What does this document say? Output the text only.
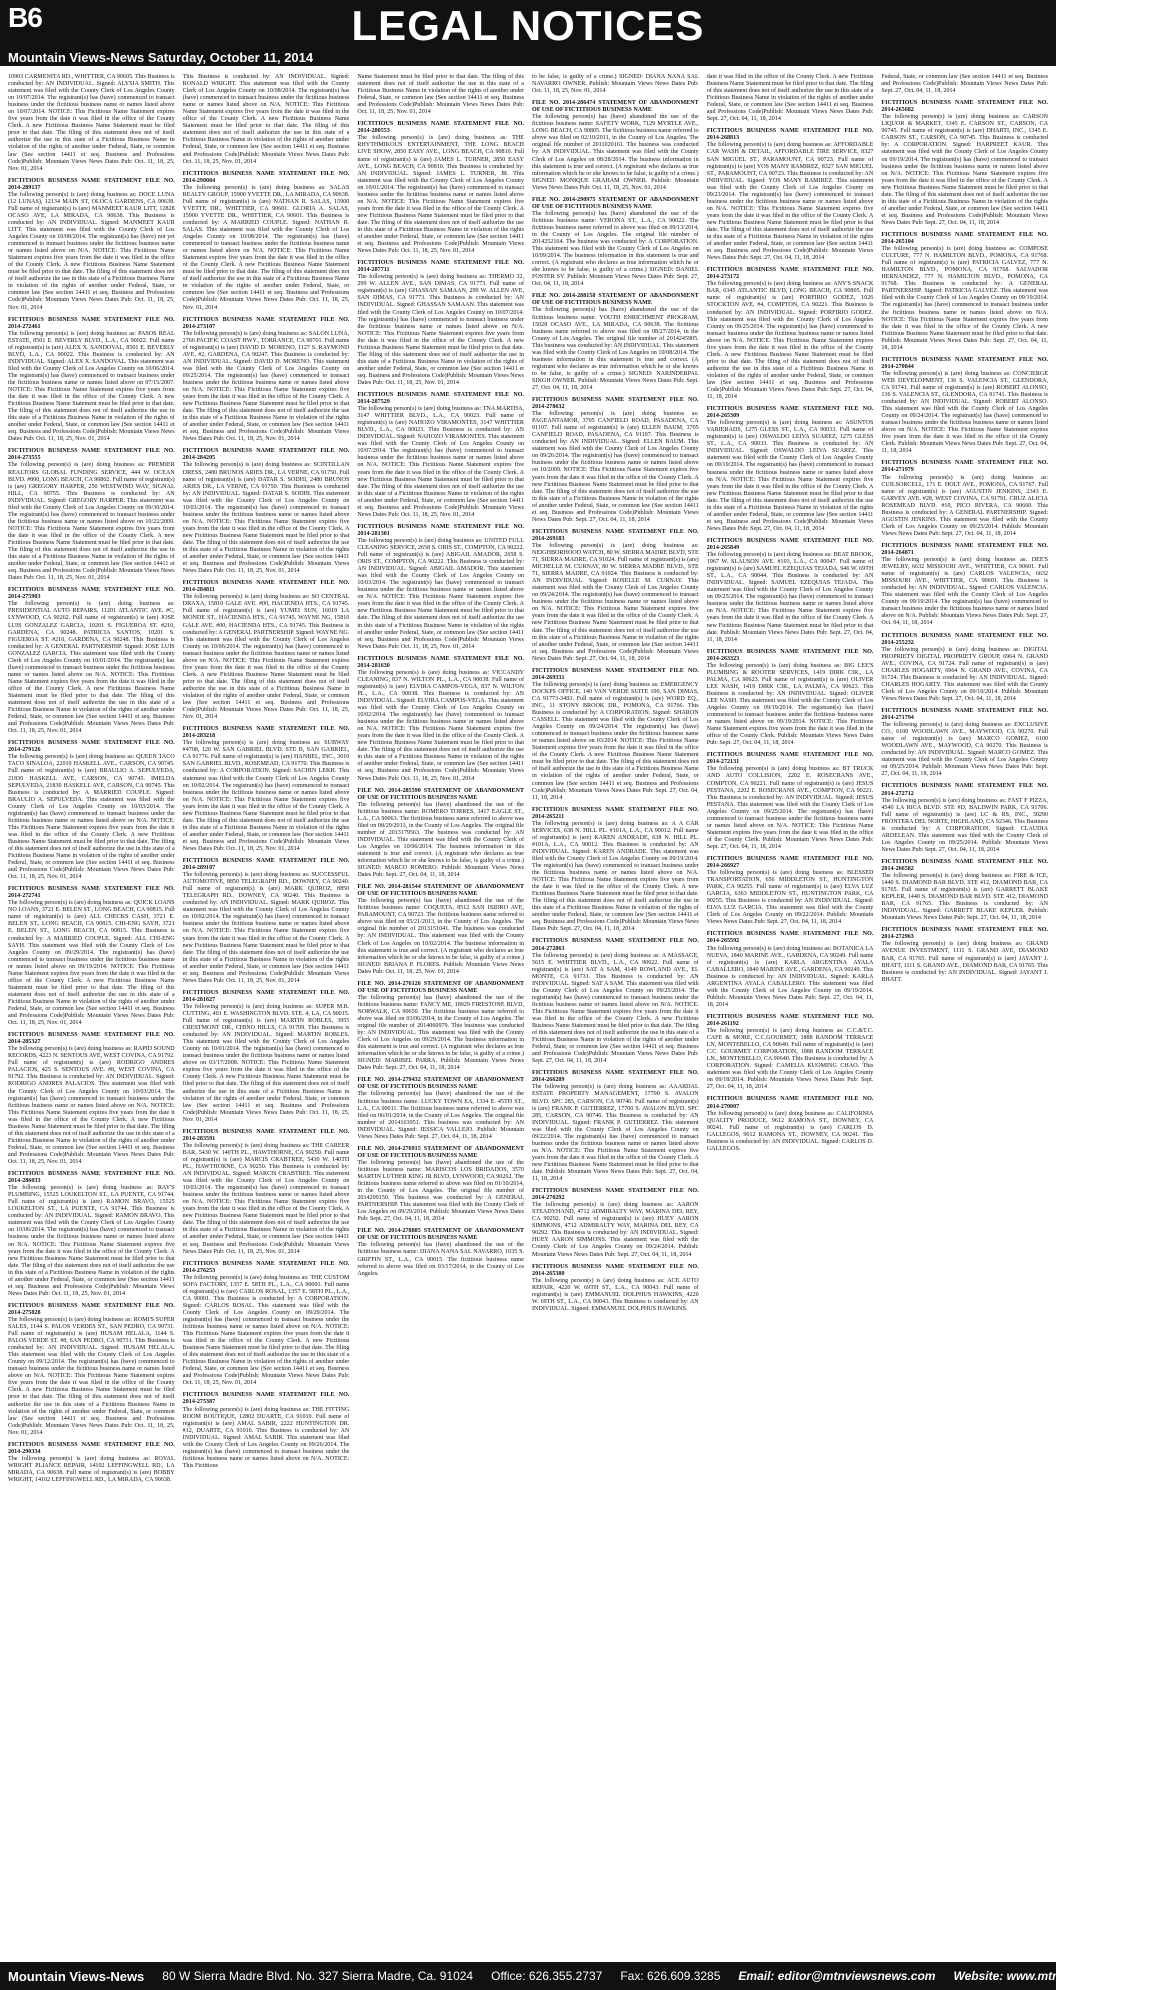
B6	LEGAL NOTICES
Mountain Views-News Saturday, October 11, 2014
10903 CARMENITA RD., WHITTIER, CA 90605. This Business is conducted by: AN INDIVIDUAL. Signed: ALYSIA SMITH. This statement was filed with the County Clerk of Los Angeles County on 10/07/2014. The registrant(s) has (have) commenced to transact business under the fictitious business name or names listed above on 10/07/2014. NOTICE: This Fictitious Name Statement expires five years from the date it was filed in the office of the County Clerk. A new Fictitious Business Name Statement must be filed prior to that date. The filing of this statement does not of itself authorize the use in this state of a Fictitious Business Name in violation of the rights of another under Federal, State, or common law (See section 14411 et seq. Business and Professions Code)Publish: Mountain Views News Dates Pub: Oct. 11, 18, 25, Nov. 01, 2014
FICTITIOUS BUSINESS NAME STATEMENT FILE NO. 2014-289137
The following person(s) is (are) doing business as: DOCE LUNA (12 LUNAS), 12134 MAIN ST, OLOCA GARDENS, CA 90638. Full name of registrant(s) is (are) MANMEET KAUR LITT, 12828 OCASO AVE, LA MIRADA, CA 90638. This Business is conducted by: AN INDIVIDUAL. Signed: MANMEET KAUR LITT. This statement was filed with the County Clerk of Los Angeles County on 10/08/2014. The registrant(s) has (have) not yet commenced to transact business under the fictitious business name or names listed above on N/A. NOTICE: This Fictitious Name Statement expires five years from the date it was filed in the office of the County Clerk. A new Fictitious Business Name Statement must be filed prior to that date. The filing of this statement does not of itself authorize the use in this state of a Fictitious Business Name in violation of the rights of another under Federal, State, or common law (See section 14411 et seq. Business and Professions Code)Publish: Mountain Views News Dates Pub: Oct. 11, 18, 25, Nov. 01, 2014
FICTITIOUS BUSINESS NAME STATEMENT FILE NO. 2014-272461
The following person(s) is (are) doing business as: PASOS REAL ESTATE, 8501 E. BEVERLY BLVD., L.A., CA 90022. Full name of registrant(s) is (are) ALEX X. SANDOVAL, 8501 E. BEVERLY BLVD, L.A., CA 90022. This Business is conducted by: AN INDIVIDUAL. Signed: ALEX X. SANDOVAL. This statement was filed with the County Clerk of Los Angeles County on 10/06/2014. The registrant(s) has (have) commenced to transact business under the fictitious business name or names listed above on 07/15/2007. NOTICE: This Fictitious Name Statement expires five years from the date it was filed in the office of the County Clerk. A new Fictitious Business Name Statement must be filed prior to that date. The filing of this statement does not of itself authorize the use in this state of a Fictitious Business Name in violation of the rights of another under Federal, State, or common law (See section 14411 et seq. Business and Professions Code)Publish: Mountain Views News Dates Pub: Oct. 11, 18, 25, Nov. 01, 2014
FICTITIOUS BUSINESS NAME STATEMENT FILE NO. 2014-273555
The following person(s) is (are) doing business as: PREMIER REALTORS GLOBAL FUNDING SERVICE, 444 W. OCEAN BLVD. #800, LONG BEACH, CA 90802. Full name of registrant(s) is (are) GREGORY HARPER, 250 WESTWIND WAY, SIGNAL HILL, CA 90755. This Business is conducted by: AN INDIVIDUAL. Signed: GREGORY HARPER. This statement was filed with the County Clerk of Los Angeles County on 09/30/2014. The registrant(s) has (have) commenced to transact business under the fictitious business name or names listed above on 10/22/2009. NOTICE: This Fictitious Name Statement expires five years from the date it was filed in the office of the County Clerk. A new Fictitious Business Name Statement must be filed prior to that date. The filing of this statement does not of itself authorize the use in this state of a Fictitious Business Name in violation of the rights of another under Federal, State, or common law (See section 14411 et seq. Business and Professions Code)Publish: Mountain Views News Dates Pub: Oct. 11, 18, 25, Nov. 01, 2014
FICTITIOUS BUSINESS NAME STATEMENT FILE NO. 2014-275903
The following person(s) is (are) doing business as: PRESIDENTIAL AUTO REPAIRS, 11201 ATLANTIC AVE. #C, LYNWOOD, CA 90262. Full name of registrant(s) is (are) JOSE LUIS GONZALEZ GARCIA, 10201 S. FIGUEROA ST. #210, GARDENA, CA 90248. PATRICIA SANTOS, 10201 S. FIGUEROA ST. #210, GARDENA, CA 90248. This Business is conducted by: A GENERAL PARTNERSHIP. Signed: JOSE LUIS GONZALEZ GARCIA. This statement was filed with the County Clerk of Los Angeles County on 10/01/2014. The registrant(s) has (have) commenced to transact business under the fictitious business name or names listed above on N/A. NOTICE: This Fictitious Name Statement expires five years from the date it was filed in the office of the County Clerk. A new Fictitious Business Name Statement must be filed prior to that date. The filing of this statement does not of itself authorize the use in this state of a Fictitious Business Name in violation of the rights of another under Federal, State, or common law (See section 14411 et seq. Business and Professions Code)Publish: Mountain Views News Dates Pub: Oct. 11, 18, 25, Nov. 01, 2014
FICTITIOUS BUSINESS NAME STATEMENT FILE NO. 2014-279126
The following person(s) is (are) doing business as: QUEEN TACO TACO SINALOA, 22010 HASKELL AVE., CARSON, CA 90745. Full name of registrant(s) is (are) BRAULIO A. SEPULVEDA, 21830 HASKELL AVE, CARSON, CA 90745. IMELDA SEPULVEDA, 21830 HASKELL AVE, CARSON, CA 90745. This Business is conducted by: A MARRIED COUPLE. Signed: BRAULIO A. SEPULVEDA. This statement was filed with the County Clerk of Los Angeles County on 10/03/2014. The registrant(s) has (have) commenced to transact business under the fictitious business name or names listed above on N/A. NOTICE: This Fictitious Name Statement expires five years from the date it was filed in the office of the County Clerk. A new Fictitious Business Name Statement must be filed prior to that date. The filing of this statement does not of itself authorize the use in this state of a Fictitious Business Name in violation of the rights of another under Federal, State, or common law (See section 14411 et seq. Business and Professions Code)Publish: Mountain Views News Dates Pub: Oct. 11, 18, 25, Nov. 01, 2014
FICTITIOUS BUSINESS NAME STATEMENT FILE NO. 2014-272741
The following person(s) is (are) doing business as: QUICK LOANS NO LOANS, 3721 E. BELEN ST., LONG BEACH, CA 90815. Full name of registrant(s) is (are) ALL CHECKS CASH, 3721 E. BELEN ST., LONG BEACH, CA 90815. CHI-ENG SAYH, 3721 E. BELEN ST., LONG BEACH, CA 90815. This Business is conducted by: A MARRIED COUPLE. Signed: ALL CHI-ENG SAYH. This statement was filed with the County Clerk of Los Angeles County on 09/29/2014. The registrant(s) has (have) commenced to transact business under the fictitious business name or names listed above on 09/19/2014. NOTICE: This Fictitious Name Statement expires five years from the date it was filed in the office of the County Clerk. A new Fictitious Business Name Statement must be filed prior to that date. The filing of this statement does not of itself authorize the use in this state of a Fictitious Business Name in violation of the rights of another under Federal, State, or common law (See section 14411 et seq. Business and Professions Code)Publish: Mountain Views News Dates Pub: Oct. 11, 18, 25, Nov. 01, 2014
FICTITIOUS BUSINESS NAME STATEMENT FILE NO. 2014-285327
The following person(s) is (are) doing business as: RAPID SOUND RECORDS, 4223 N. SENTOUS AVE, WEST COVINA, CA 91792. Full name of registrant(s) is (are) RODRIGO ANDRES PALACIOS, 425 S. SENTOUS AVE. #8, WEST COVINA, CA 91792. This Business is conducted by: AN INDIVIDUAL. Signed: RODRIGO ANDRES PALACIOS. This statement was filed with the County Clerk of Los Angeles County on 10/03/2014. The registrant(s) has (have) commenced to transact business under the fictitious business name or names listed above on N/A. NOTICE: This Fictitious Name Statement expires five years from the date it was filed in the office of the County Clerk. A new Fictitious Business Name Statement must be filed prior to that date. The filing of this statement does not of itself authorize the use in this state of a Fictitious Business Name in violation of the rights of another under Federal, State, or common law (See section 14411 et seq. Business and Professions Code)Publish: Mountain Views News Dates Pub: Oct. 11, 18, 25, Nov. 01, 2014
FICTITIOUS BUSINESS NAME STATEMENT FILE NO. 2014-286033
The following person(s) is (are) doing business as: RAY'S PLUMBING, 15525 LOUKELTON ST., LA PUENTE, CA 91744. Full name of registrant(s) is (are) RAMON BRAVO, 15525 LOUKELTON ST., LA PUENTE, CA 91744. This Business is conducted by: AN INDIVIDUAL. Signed: RAMON BRAVO. This statement was filed with the County Clerk of Los Angeles County on 10/06/2014. The registrant(s) has (have) commenced to transact business under the fictitious business name or names listed above on N/A. NOTICE: This Fictitious Name Statement expires five years from the date it was filed in the office of the County Clerk. A new Fictitious Business Name Statement must be filed prior to that date. The filing of this statement does not of itself authorize the use in this state of a Fictitious Business Name in violation of the rights of another under Federal, State, or common law (See section 14411 et seq. Business and Professions Code)Publish: Mountain Views News Dates Pub: Oct. 11, 18, 25, Nov. 01, 2014
FICTITIOUS BUSINESS NAME STATEMENT FILE NO. 2014-275828
The following person(s) is (are) doing business as: ROMI'S SUPER SALES, 1144 S. PALOS VERDES ST., SAN PEDRO, CA 90731. Full name of registrant(s) is (are) HUSAM HELALA, 1144 S. PALOS VERDE ST. #8, SAN PEDRO, CA 90731. This Business is conducted by: AN INDIVIDUAL. Signed: HUSAM HELALA. This statement was filed with the County Clerk of Los Angeles County on 09/12/2014. The registrant(s) has (have) commenced to transact business under the fictitious business name or names listed above on N/A. NOTICE: This Fictitious Name Statement expires five years from the date it was filed in the office of the County Clerk. A new Fictitious Business Name Statement must be filed prior to that date. The filing of this statement does not of itself authorize the use in this state of a Fictitious Business Name in violation of the rights of another under Federal, State, or common law (See section 14411 et seq. Business and Professions Code)Publish: Mountain Views News Dates Pub: Oct. 11, 18, 25, Nov. 01, 2014
FICTITIOUS BUSINESS NAME STATEMENT FILE NO. 2014-290334
The following person(s) is (are) doing business as: ROYAL WRIGHT PLIANCE REPAIR, 14102 LEFFINGWELL RD., LA MIRADA, CA 90638. Full name of registrant(s) is (are) BOBBY WRIGHT, 14102 LEFFINGWELL RD., LA MIRADA, CA 90638.
This Business is conducted by: AN INDIVIDUAL. Signed: RONALD WRIGHT. This statement was filed with the County Clerk of Los Angeles County on 10/08/2014. The registrant(s) has (have) commenced to transact business under the fictitious business name or names listed above on N/A. NOTICE: This Fictitious Name Statement expires five years from the date it was filed in the office of the County Clerk. A new Fictitious Business Name Statement must be filed prior to that date. The filing of this statement does not of itself authorize the use in this state of a Fictitious Business Name in violation of the rights of another under Federal, State, or common law (See section 14411 et seq. Business and Professions Code)Publish: Mountain Views News Dates Pub: Oct. 11, 18, 25, Nov. 01, 2014
FICTITIOUS BUSINESS NAME STATEMENT FILE NO. 2014-290084
The following person(s) is (are) doing business as: SALAS REALTY GROUP, 15900 YVETTE DR., LA MIRADA, CA 90638. Full name of registrant(s) is (are) NATHAN R. SALAS, 15900 YVETTE DR., WHITTIER, CA 90601. GLORIA A. SALAS, 15900 YVETTE DR., WHITTIER, CA 90601. This Business is conducted by: A MARRIED COUPLE. Signed: NATHAN R. SALAS. This statement was filed with the County Clerk of Los Angeles County on 10/08/2014. The registrant(s) has (have) commenced to transact business under the fictitious business name or names listed above on N/A. NOTICE: This Fictitious Name Statement expires five years from the date it was filed in the office of the County Clerk. A new Fictitious Business Name Statement must be filed prior to that date. The filing of this statement does not of itself authorize the use in this state of a Fictitious Business Name in violation of the rights of another under Federal, State, or common law (See section 14411 et seq. Business and Professions Code)Publish: Mountain Views News Dates Pub: Oct. 11, 18, 25, Nov. 01, 2014
FICTITIOUS BUSINESS NAME STATEMENT FILE NO. 2014-273107
The following person(s) is (are) doing business as: SALON LUNA, 2766 PACIFIC COAST HWY., TORRANCE, CA 90701. Full name of registrant(s) is (are) DAVID D. MORENO, 1127 S. RAYMOND AVE, #2, GARDENA, CA 90247. This Business is conducted by: AN INDIVIDUAL. Signed: DAVID D. MORENO. This statement was filed with the County Clerk of Los Angeles County on 09/25/2014. The registrant(s) has (have) commenced to transact business under the fictitious business name or names listed above on N/A. NOTICE: This Fictitious Name Statement expires five years from the date it was filed in the office of the County Clerk. A new Fictitious Business Name Statement must be filed prior to that date. The filing of this statement does not of itself authorize the use in this state of a Fictitious Business Name in violation of the rights of another under Federal, State, or common law (See section 14411 et seq. Business and Professions Code)Publish: Mountain Views News Dates Pub: Oct. 11, 18, 25, Nov. 01, 2014
FICTITIOUS BUSINESS NAME STATEMENT FILE NO. 2014-284205
The following person(s) is (are) doing business as: SCINTILLAN DRESS, 2480 BRUNOS ARIES DR., LA VERNE, CA 91750. Full name of registrant(s) is (are) DATAR S. SODHI, 2480 BRUNOS ARIES DR., LA VERNE, CA 91750. This Business is conducted by: AN INDIVIDUAL. Signed: DATAR S. SODHI. This statement was filed with the County Clerk of Los Angeles County on 10/03/2014. The registrant(s) has (have) commenced to transact business under the fictitious business name or names listed above on N/A. NOTICE: This Fictitious Name Statement expires five years from the date it was filed in the office of the County Clerk. A new Fictitious Business Name Statement must be filed prior to that date. The filing of this statement does not of itself authorize the use in this state of a Fictitious Business Name in violation of the rights of another under Federal, State, or common law (See section 14411 et seq. Business and Professions Code)Publish: Mountain Views News Dates Pub: Oct. 11, 18, 25, Nov. 01, 2014
FICTITIOUS BUSINESS NAME STATEMENT FILE NO. 2014-284811
The following person(s) is (are) doing business as: SO CENTRAL DRAXA, 15810 GALE AVE. #00, HACIENDA HTS., CA 91745. Full name of registrant(s) is (are) YUMEI SUN, 16019 LA MONDE ST., HACIENDA HTS., CA 91745. WAYNE NG, 15810 GALE AVE. #00, HACIENDA HTS., CA 91745. This Business is conducted by: A GENERAL PARTNERSHIP. Signed: WAYNE NG. This statement was filed with the County Clerk of Los Angeles County on 10/06/2014. The registrant(s) has (have) commenced to transact business under the fictitious business name or names listed above on N/A. NOTICE: This Fictitious Name Statement expires five years from the date it was filed in the office of the County Clerk. A new Fictitious Business Name Statement must be filed prior to that date. The filing of this statement does not of itself authorize the use in this state of a Fictitious Business Name in violation of the rights of another under Federal, State, or common law (See section 14411 et seq. Business and Professions Code)Publish: Mountain Views News Dates Pub: Oct. 11, 18, 25, Nov. 01, 2014
FICTITIOUS BUSINESS NAME STATEMENT FILE NO. 2014-283218
The following person(s) is (are) doing business as: SUBWAY #4708, 120 W. SAN GABRIEL BLVD. STE B, SAN GABRIEL, CA 91776. Full name of registrant(s) is (are) HANBEL, INC., 3010 SAN GABRIEL BLVD., ROSEMEAD, CA 91770. This Business is conducted by: A CORPORATION. Signed: SACHIN LEKH. This statement was filed with the County Clerk of Los Angeles County on 10/02/2014. The registrant(s) has (have) commenced to transact business under the fictitious business name or names listed above on N/A. NOTICE: This Fictitious Name Statement expires five years from the date it was filed in the office of the County Clerk. A new Fictitious Business Name Statement must be filed prior to that date. The filing of this statement does not of itself authorize the use in this state of a Fictitious Business Name in violation of the rights of another under Federal, State, or common law (See section 14411 et seq. Business and Professions Code)Publish: Mountain Views News Dates Pub: Oct. 11, 18, 25, Nov. 01, 2014
FICTITIOUS BUSINESS NAME STATEMENT FILE NO. 2014-289107
The following person(s) is (are) doing business as: SUCCESSFUL AUTOMOTIVE, 8850 TELEGRAPH RD., DOWNEY, CA 90240. Full name of registrant(s) is (are) MARK QUIROZ, 8850 TELEGRAPH RD., DOWNEY, CA 90240. This Business is conducted by: AN INDIVIDUAL. Signed: MARK QUIROZ. This statement was filed with the County Clerk of Los Angeles County on 10/02/2014. The registrant(s) has (have) commenced to transact business under the fictitious business name or names listed above on N/A. NOTICE: This Fictitious Name Statement expires five years from the date it was filed in the office of the County Clerk. A new Fictitious Business Name Statement must be filed prior to that date. The filing of this statement does not of itself authorize the use in this state of a Fictitious Business Name in violation of the rights of another under Federal, State, or common law (See section 14411 et seq. Business and Professions Code)Publish: Mountain Views News Dates Pub: Oct. 11, 18, 25, Nov. 01, 2014
FICTITIOUS BUSINESS NAME STATEMENT FILE NO. 2014-281627
The following person(s) is (are) doing business as: SUPER M.R. CUTTING, 401 E. WASHINGTON BLVD. STE. 4, LA, CA 90015. Full name of registrant(s) is (are) MARTIN ROBLES, 3955 CRESTMONT DR., CHINO HILLS, CA 91709. This Business is conducted by: AN INDIVIDUAL. Signed: MARTIN ROBLES. This statement was filed with the County Clerk of Los Angeles County on 10/01/2014. The registrant(s) has (have) commenced to transact business under the fictitious business name or names listed above on 03/17/2008. NOTICE: This Fictitious Name Statement expires five years from the date it was filed in the office of the County Clerk. A new Fictitious Business Name Statement must be filed prior to that date. The filing of this statement does not of itself authorize the use in this state of a Fictitious Business Name in violation of the rights of another under Federal, State, or common law (See section 14411 et seq. Business and Professions Code)Publish: Mountain Views News Dates Pub: Oct. 11, 18, 25, Nov. 01, 2014
FICTITIOUS BUSINESS NAME STATEMENT FILE NO. 2014-283591
The following person(s) is (are) doing business as: THE CAREER BAR, 5430 W. 140TH PL., HAWTHORNE, CA 90250. Full name of registrant(s) is (are) MARCIS CRABTREE, 5430 W. 140TH PL., HAWTHORNE, CA 90250. This Business is conducted by: AN INDIVIDUAL. Signed: MARCIS CRABTREE. This statement was filed with the County Clerk of Los Angeles County on 10/03/2014. The registrant(s) has (have) commenced to transact business under the fictitious business name or names listed above on N/A. NOTICE: This Fictitious Name Statement expires five years from the date it was filed in the office of the County Clerk. A new Fictitious Business Name Statement must be filed prior to that date. The filing of this statement does not of itself authorize the use in this state of a Fictitious Business Name in violation of the rights of another under Federal, State, or common law (See section 14411 et seq. Business and Professions Code)Publish: Mountain Views News Dates Pub: Oct. 11, 18, 25, Nov. 01, 2014
FICTITIOUS BUSINESS NAME STATEMENT FILE NO. 2014-276253
The following person(s) is (are) doing business as: THE CUSTOM SOFA FACTORY, 1357 E. 58TH PL., L.A., CA 90001. Full name of registrant(s) is (are) CARLOS ROSAL, 1357 E. 58TH PL., L.A., CA 90001. This Business is conducted by: A CORPORATION. Signed: CARLOS ROSAL. This statement was filed with the County Clerk of Los Angeles County on 09/29/2014. The registrant(s) has (have) commenced to transact business under the fictitious business name or names listed above on N/A. NOTICE: This Fictitious Name Statement expires five years from the date it was filed in the office of the County Clerk. A new Fictitious Business Name Statement must be filed prior to that date. The filing of this statement does not of itself authorize the use in this state of a Fictitious Business Name in violation of the rights of another under Federal, State, or common law (See section 14411 et seq. Business and Professions Code)Publish: Mountain Views News Dates Pub: Oct. 11, 18, 25, Nov. 01, 2014
FICTITIOUS BUSINESS NAME STATEMENT FILE NO. 2014-275387
The following person(s) is (are) doing business as: THE FITTING ROOM BOUTIQUE, 12802 DUARTE, CA 91010. Full name of registrant(s) is (are) AMAL SABIR, 2222 HUNTINGTON DR. #12, DUARTE, CA 91010. This Business is conducted by: AN INDIVIDUAL. Signed: AMAL SABIR. This statement was filed with the County Clerk of Los Angeles County on 09/26/2014. The registrant(s) has (have) commenced to transact business under the fictitious business name or names listed above on N/A. NOTICE: This Fictitious
Name Statement must be filed prior to that date. The filing of this statement does not of itself authorize the use in this state of a Fictitious Business Name in violation of the rights of another under Federal, State, or common law (See section 14411 et seq. Business and Professions Code)Publish: Mountain Views News Dates Pub: Oct. 11, 18, 25, Nov. 01, 2014
FICTITIOUS BUSINESS NAME STATEMENT FILE NO. 2014-280553
The following person(s) is (are) doing business as: THE RHYTHMIKOUS ENTERTAINMENT, THE LONG BEACH LIVE SHOW, 2850 EASY AVE., LONG BEACH, CA 90810. Full name of registrant(s) is (are) JAMES L. TURNER, 2850 EASY AVE., LONG BEACH, CA 90810. This Business is conducted by: AN INDIVIDUAL. Signed: JAMES L. TURNER, JR. This statement was filed with the County Clerk of Los Angeles County on 10/01/2014. The registrant(s) has (have) commenced to transact business under the fictitious business name or names listed above on N/A. NOTICE: This Fictitious Name Statement expires five years from the date it was filed in the office of the County Clerk. A new Fictitious Business Name Statement must be filed prior to that date. The filing of this statement does not of itself authorize the use in this state of a Fictitious Business Name in violation of the rights of another under Federal, State, or common law (See section 14411 et seq. Business and Professions Code)Publish: Mountain Views News Dates Pub: Oct. 11, 18, 25, Nov. 01, 2014
FICTITIOUS BUSINESS NAME STATEMENT FILE NO. 2014-287711
The following person(s) is (are) doing business as: THERMO 32, 299 W. ALLEN AVE., SAN DIMAS, CA 91773. Full name of registrant(s) is (are) GHASSAN SAMAAN, 299 W. ALLEN AVE, SAN DIMAS, CA 91773. This Business is conducted by: AN INDIVIDUAL. Signed: GHASSAN SAMAAN. This statement was filed with the County Clerk of Los Angeles County on 10/07/2014. The registrant(s) has (have) commenced to transact business under the fictitious business name or names listed above on N/A. NOTICE: This Fictitious Name Statement expires five years from the date it was filed in the office of the County Clerk. A new Fictitious Business Name Statement must be filed prior to that date. The filing of this statement does not of itself authorize the use in this state of a Fictitious Business Name in violation of the rights of another under Federal, State, or common law (See section 14411 et seq. Business and Professions Code)Publish: Mountain Views News Dates Pub: Oct. 11, 18, 25, Nov. 01, 2014
FICTITIOUS BUSINESS NAME STATEMENT FILE NO. 2014-287529
The following person(s) is (are) doing business as: TNA MARTHA, 3147 WHITTIER BLVD., L.A., CA 90023. Full name of registrant(s) is (are) NAHOZO VIRAMONTES, 3147 WHITTIER BLVD., L.A., CA 90023. This Business is conducted by: AN INDIVIDUAL. Signed: NAHOZO VIRAMONTES. This statement was filed with the County Clerk of Los Angeles County on 10/07/2014. The registrant(s) has (have) commenced to transact business under the fictitious business name or names listed above on N/A. NOTICE: This Fictitious Name Statement expires five years from the date it was filed in the office of the County Clerk. A new Fictitious Business Name Statement must be filed prior to that date. The filing of this statement does not of itself authorize the use in this state of a Fictitious Business Name in violation of the rights of another under Federal, State, or common law (See section 14411 et seq. Business and Professions Code)Publish: Mountain Views News Dates Pub: Oct. 11, 18, 25, Nov. 01, 2014
FICTITIOUS BUSINESS NAME STATEMENT FILE NO. 2014-281301
The following person(s) is (are) doing business as: UNITED FULL CLEANING SERVICE, 2658 S. ORIS ST., COMPTON, CA 90222. Full name of registrant(s) is (are) ABIGAIL AMADOR, 2658 S. ORIS ST., COMPTON, CA 90222. This Business is conducted by: AN INDIVIDUAL. Signed: ABIGAIL AMADOR. This statement was filed with the County Clerk of Los Angeles County on 10/03/2014. The registrant(s) has (have) commenced to transact business under the fictitious business name or names listed above on N/A. NOTICE: This Fictitious Name Statement expires five years from the date it was filed in the office of the County Clerk. A new Fictitious Business Name Statement must be filed prior to that date. The filing of this statement does not of itself authorize the use in this state of a Fictitious Business Name in violation of the rights of another under Federal, State, or common law (See section 14411 et seq. Business and Professions Code)Publish: Mountain Views News Dates Pub: Oct. 11, 18, 25, Nov. 01, 2014
FICTITIOUS BUSINESS NAME STATEMENT FILE NO. 2014-281630
The following person(s) is (are) doing business as: VICCANDY CLEANING, 837 N. WILTON PL., L.A., CA 90038. Full name of registrant(s) is (are) ELVIRA CAMPOS-VEGA, 837 N. WILTON PL., L.A., CA 90038. This Business is conducted by: AN INDIVIDUAL. Signed: ELVIRA CAMPOS-VEGA. This statement was filed with the County Clerk of Los Angeles County on 10/02/2014. The registrant(s) has (have) commenced to transact business under the fictitious business name or names listed above on N/A. NOTICE: This Fictitious Name Statement expires five years from the date it was filed in the office of the County Clerk. A new Fictitious Business Name Statement must be filed prior to that date. The filing of this statement does not of itself authorize the use in this state of a Fictitious Business Name in violation of the rights of another under Federal, State, or common law (See section 14411 et seq. Business and Professions Code)Publish: Mountain Views News Dates Pub: Oct. 11, 18, 25, Nov. 01, 2014
FILE NO. 2014-285590 STATEMENT OF ABANDONMENT OF USE OF FICTITIOUS BUSINESS NAME
The following person(s) has (have) abandoned the use of the fictitious business name: ROMERO TORRES, 3417 EAGLE ST., L.A., CA 90063. The fictitious business name referred to above was filed on 08/29/2013, in the County of Los Angeles. The original file number of 2013179563. The business was conducted by: AN INDIVIDUAL. This statement was filed with the County Clerk of Los Angeles on 10/06/2014. The business information in this statement is true and correct. (A registrant who declares as true information which he or she knows to be false, is guilty of a crime.) SIGNED: MARCO ROMERO. Publish: Mountain Views News Dates Pub: Sept. 27, Oct. 04, 11, 18, 2014
FILE NO. 2014-281544 STATEMENT OF ABANDONMENT OF USE OF FICTITIOUS BUSINESS NAME
The following person(s) has (have) abandoned the use of the fictitious business name: COQUETA, 8512 SAN ISIDRO AVE, PARAMOUNT, CA 90723. The fictitious business name referred to above was filed on 05/21/2013, in the County of Los Angeles. The original file number of 2013151041. The business was conducted by: AN INDIVIDUAL. This statement was filed with the County Clerk of Los Angeles on 10/02/2014. The business information in this statement is true and correct. (A registrant who declares as true information which he or she knows to be false, is guilty of a crime.) SIGNED: BRIANA P. FLORES. Publish: Mountain Views News Dates Pub: Oct. 11, 18, 25, Nov. 01, 2014
FILE NO. 2014-276126 STATEMENT OF ABANDONMENT OF USE OF FICTITIOUS BUSINESS NAME
The following person(s) has (have) abandoned the use of the fictitious business name: FANCY ME, 18929 FIRESTONE BLVD, NORWALK, CA 90650. The fictitious business name referred to above was filed on 03/06/2014, in the County of Los Angeles. The original file number of 2014060979. This business was conducted by: AN INDIVIDUAL. This statement was filed with the County Clerk of Los Angeles on 09/29/2014. The business information in this statement is true and correct. (A registrant who declares as true information which he or she knows to be false, is guilty of a crime.) SIGNED: MARIBEL PARRA. Publish: Mountain Views News Dates Pub: Sept. 27, Oct. 04, 11, 18, 2014
FILE NO. 2014-279432 STATEMENT OF ABANDONMENT OF USE OF FICTITIOUS BUSINESS NAME
The following person(s) has (have) abandoned the use of the fictitious business name: LUCKY TOWN EA, 1334 E. 45TH ST., L.A., CA 90011. The fictitious business name referred to above was filed on 06/01/2014, in the County of Los Angeles. The original file number of 2014163951. This business was conducted by: AN INDIVIDUAL. Signed: JESSICA VALLEJO. Publish: Mountain Views News Dates Pub: Sept. 27, Oct. 04, 11, 18, 2014
FILE NO. 2014-276915 STATEMENT OF ABANDONMENT OF USE OF FICTITIOUS BUSINESS NAME
The following person(s) has (have) abandoned the use of the fictitious business name: MARISCOS LOS BRIDADOS, 3570 MARTIN LUTHER KING JR BLVD, LYNWOOD, CA 90262. The fictitious business name referred to above was filed on 01/10/2014, in the County of Los Angeles. The original file number of 2014209150. This business was conducted by: A GENERAL PARTNERSHIP. This statement was filed with the County Clerk of Los Angeles on 09/29/2014. Publish: Mountain Views News Dates Pub: Sept. 27, Oct. 04, 11, 18, 2014
FILE NO. 2014-278885 STATEMENT OF ABANDONMENT OF USE OF FICTITIOUS BUSINESS NAME
The following person(s) has (have) abandoned the use of the fictitious business name: DIANA NANA SAL NAVARRO, 1035 S. GRIFFIN ST., L.A., CA 90015. The fictitious business name referred to above was filed on 03/17/2014, in the County of Los Angeles.
to be false, is guilty of a crime.) SIGNED: DIANA NANA SAL NAVARRO OWNER. Publish: Mountain Views News Dates Pub: Oct. 11, 18, 25, Nov. 01, 2014
FILE NO. 2014-286474 STATEMENT OF ABANDONMENT OF USE OF FICTITIOUS BUSINESS NAME
The following person(s) has (have) abandoned the use of the fictitious business name: SAFETY WORK, 7129 MYRTLE AVE., LONG BEACH, CA 90805. The fictitious business name referred to above was filed on 02/10/2011, in the County of Los Angeles. The original file number of 2011020161. The business was conducted by: AN INDIVIDUAL. This statement was filed with the County Clerk of Los Angeles on 08/28/2014. The business information in this statement is true and correct. (A registrant who declares as true information which he or she knows to be false, is guilty of a crime.) SIGNED: MONIQUE GRAHAM OWNER. Publish: Mountain Views News Dates Pub: Oct. 11, 18, 25, Nov. 01, 2014
FILE NO. 2014-290975 STATEMENT OF ABANDONMENT OF USE OF FICTITIOUS BUSINESS NAME
The following person(s) has (have) abandoned the use of the fictitious business name: VERONA ST., L.A., CA 90022. The fictitious business name referred to above was filed on 09/13/2014, in the County of Los Angeles. The original file number of 2014252164. The business was conducted by: A CORPORATION. This statement was filed with the County Clerk of Los Angeles on 10/09/2014. The business information in this statement is true and correct. (A registrant who declares as true information which he or she knows to be false, is guilty of a crime.) SIGNED: DANIEL FOSTER SV. Publish: Mountain Views News Dates Pub: Sept. 27, Oct. 04, 11, 18, 2014
FILE NO. 2014-288158 STATEMENT OF ABANDONMENT OF USE OF FICTITIOUS BUSINESS NAME
The following person(s) has (have) abandoned the use of the fictitious business name: YOUTH ENRICHMENT PROGRAM, 15028 OCASO AVE., LA MIRADA, CA 90638. The fictitious business name referred to above was filed on 08/27/2014, in the County of Los Angeles. The original file number of 2014245905. This business was conducted by: AN INDIVIDUAL. This statement was filed with the County Clerk of Los Angeles on 10/08/2014. The business information in this statement is true and correct. (A registrant who declares as true information which he or she knows to be false, is guilty of a crime.) SIGNED: NARINDERPAL SINGH OWNER. Publish: Mountain Views News Dates Pub: Sept. 27, Oct. 04, 11, 18, 2014
FICTITIOUS BUSINESS NAME STATEMENT FILE NO. 2014-278632
The following person(s) is (are) doing business as: PAGEANTAMOR, 3705 CANFIELD ROAD, PASADENA, CA 91107. Full name of registrant(s) is (are) ELLEN BAUM, 3705 CANFIELD ROAD, PASADENA, CA 91107. This Business is conducted by: AN INDIVIDUAL. Signed: ELLEN BAUM. This statement was filed with the County Clerk of Los Angeles County on 09/26/2014. The registrant(s) has (have) commenced to transact business under the fictitious business name or names listed above on 10/2009. NOTICE: This Fictitious Name Statement expires five years from the date it was filed in the office of the County Clerk. A new Fictitious Business Name Statement must be filed prior to that date. The filing of this statement does not of itself authorize the use in this state of a Fictitious Business Name in violation of the rights of another under Federal, State, or common law (See section 14411 et seq. Business and Professions Code)Publish: Mountain Views News Dates Pub: Sept. 27, Oct. 04, 11, 18, 2014
FICTITIOUS BUSINESS NAME STATEMENT FILE NO. 2014-269183
The following person(s) is (are) doing business as: NEIGHBORHOOD WATCH, 80 W. SIERRA MADRE BLVD, STE 71, SIERRA MADRE, CA 91024. Full name of registrant(s) is (are) MICHELLE M. CURNAY, 80 W. SIERRA MADRE BLVD., STE 71, SIERRA MADRE, CA 91024. This Business is conducted by: AN INDIVIDUAL. Signed: ROSELLE M. CURNAY. This statement was filed with the County Clerk of Los Angeles County on 09/24/2014. The registrant(s) has (have) commenced to transact business under the fictitious business name or names listed above on N/A. NOTICE: This Fictitious Name Statement expires five years from the date it was filed in the office of the County Clerk. A new Fictitious Business Name Statement must be filed prior to that date. The filing of this statement does not of itself authorize the use in this state of a Fictitious Business Name in violation of the rights of another under Federal, State, or common law (See section 14411 et seq. Business and Professions Code)Publish: Mountain Views News Dates Pub: Sept. 27, Oct. 04, 11, 18, 2014
FICTITIOUS BUSINESS NAME STATEMENT FILE NO. 2014-269331
The following person(s) is (are) doing business as: EMERGENCY DOCKPS OFFICE, 140 VAN VERDE SUITE 100, SAN DIMAS, CA 91773-3493. Full name of registrant(s) is (are) WORD EQ., INC., 11 STONY BROOK DR., POMONA, CA 91766. This Business is conducted by: A CORPORATION. Signed: SHARON CASSELL. This statement was filed with the County Clerk of Los Angeles County on 09/24/2014. The registrant(s) has (have) commenced to transact business under the fictitious business name or names listed above on 03/2014. NOTICE: This Fictitious Name Statement expires five years from the date it was filed in the office of the County Clerk. A new Fictitious Business Name Statement must be filed prior to that date. The filing of this statement does not of itself authorize the use in this state of a Fictitious Business Name in violation of the rights of another under Federal, State, or common law (See section 14411 et seq. Business and Professions Code)Publish: Mountain Views News Dates Pub: Sept. 27, Oct. 04, 11, 18, 2014
FICTITIOUS BUSINESS NAME STATEMENT FILE NO. 2014-265211
The following person(s) is (are) doing business as: A A CAR SERVICES, 638 N. HILL PL. #101A, L.A., CA 90012. Full name of registrant(s) is (are) KAREN ANDRADE, 638 N. HILL PL. #101A, L.A., CA 90012. This Business is conducted by: AN INDIVIDUAL. Signed: KAREN ANDRADE. This statement was filed with the County Clerk of Los Angeles County on 09/19/2014. The registrant(s) has (have) commenced to transact business under the fictitious business name or names listed above on N/A. NOTICE: This Fictitious Name Statement expires five years from the date it was filed in the office of the County Clerk. A new Fictitious Business Name Statement must be filed prior to that date. The filing of this statement does not of itself authorize the use in this state of a Fictitious Business Name in violation of the rights of another under Federal, State, or common law (See section 14411 et seq. Business and Professions Code)Publish: Mountain Views News Dates Pub: Sept. 27, Oct. 04, 11, 18, 2014
FICTITIOUS BUSINESS NAME STATEMENT FILE NO. 2014-272863
The following person(s) is (are) doing business as: A MASSAGE, 5615 E. WHITTIER BLVD., L.A., CA 90022. Full name of registrant(s) is (are) SAT A SAM, 4149 ROWLAND AVE., EL MONTE, CA 91731. This Business is conducted by: AN INDIVIDUAL. Signed: SAT A SAM. This statement was filed with the County Clerk of Los Angeles County on 09/25/2014. The registrant(s) has (have) commenced to transact business under the fictitious business name or names listed above on N/A. NOTICE: This Fictitious Name Statement expires five years from the date it was filed in the office of the County Clerk. A new Fictitious Business Name Statement must be filed prior to that date. The filing of this statement does not of itself authorize the use in this state of a Fictitious Business Name in violation of the rights of another under Federal, State, or common law (See section 14411 et seq. Business and Professions Code)Publish: Mountain Views News Dates Pub: Sept. 27, Oct. 04, 11, 18, 2014
FICTITIOUS BUSINESS NAME STATEMENT FILE NO. 2014-266289
The following person(s) is (are) doing business as: AAARDAL ESTATE PROPERTY MANAGEMENT, 17700 S. AVALON BLVD. SPC 285, CARSON, CA 90746. Full name of registrant(s) is (are) FRANK P. GUTIERREZ, 17700 S. AVALON BLVD. SPC 285, CARSON, CA 90746. This Business is conducted by: AN INDIVIDUAL. Signed: FRANK P. GUTIERREZ. This statement was filed with the County Clerk of Los Angeles County on 09/22/2014. The registrant(s) has (have) commenced to transact business under the fictitious business name or names listed above on N/A. NOTICE: This Fictitious Name Statement expires five years from the date it was filed in the office of the County Clerk. A new Fictitious Business Name Statement must be filed prior to that date. Publish: Mountain Views News Dates Pub: Sept. 27, Oct. 04, 11, 18, 2014
FICTITIOUS BUSINESS NAME STATEMENT FILE NO. 2014-270292
The following person(s) is (are) doing business as: AARON STEADYHAND, 4712 ADMIRALTY WAY, MARINA DEL REY, CA 90292. Full name of registrant(s) is (are) HUEY AARON SIMMONS, 4712 ADMIRALTY WAY, MARINA DEL REY, CA 90292. This Business is conducted by: AN INDIVIDUAL. Signed: HUEY AARON SIMMONS. This statement was filed with the County Clerk of Los Angeles County on 09/24/2014. Publish: Mountain Views News Dates Pub: Sept. 27, Oct. 04, 11, 18, 2014
FICTITIOUS BUSINESS NAME STATEMENT FILE NO. 2014-265380
The following person(s) is (are) doing business as: ACE AUTO REPAIR, 4220 W. 69TH ST., L.A., CA 90043. Full name of registrant(s) is (are) EMMANUEL DOLPHUS HAWKINS, 4220 W. 69TH ST., L.A., CA 90043. This Business is conducted by: AN INDIVIDUAL. Signed: EMMANUEL DOLPHUS HAWKINS.
date it was filed in the office of the County Clerk. A new Fictitious Business Name Statement must be filed prior to that date. The filing of this statement does not of itself authorize the use in this state of a Fictitious Business Name in violation of the rights of another under Federal, State, or common law (See section 14411 et seq. Business and Professions Code)Publish: Mountain Views News Dates Pub: Sept. 27, Oct. 04, 11, 18, 2014
FICTITIOUS BUSINESS NAME STATEMENT FILE NO. 2014-268813
The following person(s) is (are) doing business as: AFFORDABLE CAR WASH & DETAIL, AFFORDABLE TIRE SERVICE, 8327 SAN MIGUEL ST., PARAMOUNT, CA 90723. Full name of registrant(s) is (are) YOS MANY RAMIREZ, 8327 SAN MIGUEL ST., PARAMOUNT, CA 90723. This Business is conducted by: AN INDIVIDUAL. Signed: YOS MANY RAMIREZ. This statement was filed with the County Clerk of Los Angeles County on 09/23/2014. The registrant(s) has (have) commenced to transact business under the fictitious business name or names listed above on N/A. NOTICE: This Fictitious Name Statement expires five years from the date it was filed in the office of the County Clerk. A new Fictitious Business Name Statement must be filed prior to that date. The filing of this statement does not of itself authorize the use in this state of a Fictitious Business Name in violation of the rights of another under Federal, State, or common law (See section 14411 et seq. Business and Professions Code)Publish: Mountain Views News Dates Pub: Sept. 27, Oct. 04, 11, 18, 2014
FICTITIOUS BUSINESS NAME STATEMENT FILE NO. 2014-273172
The following person(s) is (are) doing business as: ANY'S SNACK BAR, 6345 ATLANTIC BLVD, LONG BEACH, CA 90805. Full name of registrant(s) is (are) PORFIRIO GODEZ, 1026 STOCKTON AVE, #4, COMPTON, CA 90221. This Business is conducted by: AN INDIVIDUAL. Signed: PORFIRIO GODEZ. This statement was filed with the County Clerk of Los Angeles County on 09/25/2014. The registrant(s) has (have) commenced to transact business under the fictitious business name or names listed above on N/A. NOTICE: This Fictitious Name Statement expires five years from the date it was filed in the office of the County Clerk. A new Fictitious Business Name Statement must be filed prior to that date. The filing of this statement does not of itself authorize the use in this state of a Fictitious Business Name in violation of the rights of another under Federal, State, or common law (See section 14411 et seq. Business and Professions Code)Publish: Mountain Views News Dates Pub: Sept. 27, Oct. 04, 11, 18, 2014
FICTITIOUS BUSINESS NAME STATEMENT FILE NO. 2014-265309
The following person(s) is (are) doing business as: ASUNTOS VARIERADS, 1275 GLESS ST., L.A., CA 90033. Full name of registrant(s) is (are) OSWALDO LEIVA SUAREZ, 1275 GLESS ST., L.A., CA 90033. This Business is conducted by: AN INDIVIDUAL. Signed: OSWALDO LEIVA SUAREZ. This statement was filed with the County Clerk of Los Angeles County on 09/19/2014. The registrant(s) has (have) commenced to transact business under the fictitious business name or names listed above on N/A. NOTICE: This Fictitious Name Statement expires five years from the date it was filed in the office of the County Clerk. A new Fictitious Business Name Statement must be filed prior to that date. The filing of this statement does not of itself authorize the use in this state of a Fictitious Business Name in violation of the rights of another under Federal, State, or common law (See section 14411 et seq. Business and Professions Code)Publish: Mountain Views News Dates Pub: Sept. 27, Oct. 04, 11, 18, 2014
FICTITIOUS BUSINESS NAME STATEMENT FILE NO. 2014-265849
The following person(s) is (are) doing business as: BEAT BROOK, 1967 W. SLAUSON AVE. #103, L.A., CA 90047. Full name of registrant(s) is (are) SAMUEL EZEQUIAS TEJADA, 946 W. 69TH ST., L.A., CA 90044. This Business is conducted by: AN INDIVIDUAL. Signed: SAMUEL EZEQUIAS TEJADA. This statement was filed with the County Clerk of Los Angeles County on 09/25/2014. The registrant(s) has (have) commenced to transact business under the fictitious business name or names listed above on N/A. NOTICE: This Fictitious Name Statement expires five years from the date it was filed in the office of the County Clerk. A new Fictitious Business Name Statement must be filed prior to that date. Publish: Mountain Views News Dates Pub: Sept. 27, Oct. 04, 11, 18, 2014
FICTITIOUS BUSINESS NAME STATEMENT FILE NO. 2014-263323
The following person(s) is (are) doing business as: BIG LEE'S PLUMBING & ROOTER SERVICES, 1419 DIRK CIR., LA PALMA, CA 90623. Full name of registrant(s) is (are) OLIVER LEE NASH, 1419 DIRK CIR., LA PALMA, CA 90623. This Business is conducted by: AN INDIVIDUAL. Signed: OLIVER LEE NASH. This statement was filed with the County Clerk of Los Angeles County on 09/19/2014. The registrant(s) has (have) commenced to transact business under the fictitious business name or names listed above on 09/19/2014. NOTICE: This Fictitious Name Statement expires five years from the date it was filed in the office of the County Clerk. Publish: Mountain Views News Dates Pub: Sept. 27, Oct. 04, 11, 18, 2014
FICTITIOUS BUSINESS NAME STATEMENT FILE NO. 2014-272131
The following person(s) is (are) doing business as: BT TRUCK AND AUTO COLLISION, 2202 E. ROSECRANS AVE., COMPTON, CA 90221. Full name of registrant(s) is (are) JESUS PESTANA, 2202 E. ROSECRANS AVE., COMPTON, CA 90221. This Business is conducted by: AN INDIVIDUAL. Signed: JESUS PESTANA. This statement was filed with the County Clerk of Los Angeles County on 09/25/2014. The registrant(s) has (have) commenced to transact business under the fictitious business name or names listed above on N/A. NOTICE: This Fictitious Name Statement expires five years from the date it was filed in the office of the County Clerk. Publish: Mountain Views News Dates Pub: Sept. 27, Oct. 04, 11, 18, 2014
FICTITIOUS BUSINESS NAME STATEMENT FILE NO. 2014-266927
The following person(s) is (are) doing business as: BLESSED TRANSPORTATION, 656 MIDDLETON ST., HUNTINGTON PARK, CA 90255. Full name of registrant(s) is (are) ELVA LUZ GARCIA, 6363 MIDDLETON ST., HUNTINGTON PARK, CA 90255. This Business is conducted by: AN INDIVIDUAL. Signed: ELVA LUZ GARCIA. This statement was filed with the County Clerk of Los Angeles County on 09/22/2014. Publish: Mountain Views News Dates Pub: Sept. 27, Oct. 04, 11, 18, 2014
FICTITIOUS BUSINESS NAME STATEMENT FILE NO. 2014-265592
The following person(s) is (are) doing business as: BOTANICA LA NUEVA, 1840 MARINE AVE., GARDENA, CA 90249. Full name of registrant(s) is (are) KARLA ARGENTINA AYALA CABALLERO, 1840 MARINE AVE., GARDENA, CA 90249. This Business is conducted by: AN INDIVIDUAL. Signed: KARLA ARGENTINA AYALA CABALLERO. This statement was filed with the County Clerk of Los Angeles County on 09/19/2014. Publish: Mountain Views News Dates Pub: Sept. 27, Oct. 04, 11, 18, 2014
FICTITIOUS BUSINESS NAME STATEMENT FILE NO. 2014-261192
The following person(s) is (are) doing business as: C.C.&T.C. CAFE & MORE, C.C.GOURMET, 1888 RANDOM TERRACE LN, MONTEBELLO, CA 90640. Full name of registrant(s) is (are) C.C. GOURMET CORPORATION, 1888 RANDOM TERRACE LN., MONTEBELLO, CA 90640. This Business is conducted by: A CORPORATION. Signed: CAMELIA KUOMING CHAO. This statement was filed with the County Clerk of Los Angeles County on 09/18/2014. Publish: Mountain Views News Dates Pub: Sept. 27, Oct. 04, 11, 18, 2014
FICTITIOUS BUSINESS NAME STATEMENT FILE NO. 2014-270007
The following person(s) is (are) doing business as: CALIFORNIA QUALITY PRODUCE, 9612 RAMONA ST., DOWNEY, CA 90241. Full name of registrant(s) is (are) CARLOS D. GALLEGOS, 9612 RAMONA ST., DOWNEY, CA 90241. This Business is conducted by: AN INDIVIDUAL. Signed: CARLOS D. GALLEGOS.
Federal, State, or common law (See section 14411 et seq. Business and Professions Code)Publish: Mountain Views News Dates Pub: Sept. 27, Oct. 04, 11, 18, 2014
FICTITIOUS BUSINESS NAME STATEMENT FILE NO. 2014-265682
The following person(s) is (are) doing business as: CARSON LIQUOR & MARKET, 1345 E. CARSON ST., CARSON, CA 90745. Full name of registrant(s) is (are) DHARTI, INC., 1345 E. CARSON ST., CARSON, CA 90745. This Business is conducted by: A CORPORATION. Signed: HARPREET KAUR. This statement was filed with the County Clerk of Los Angeles County on 09/19/2014. The registrant(s) has (have) commenced to transact business under the fictitious business name or names listed above on N/A. NOTICE: This Fictitious Name Statement expires five years from the date it was filed in the office of the County Clerk. A new Fictitious Business Name Statement must be filed prior to that date. The filing of this statement does not of itself authorize the use in this state of a Fictitious Business Name in violation of the rights of another under Federal, State, or common law (See section 14411 et seq. Business and Professions Code)Publish: Mountain Views News Dates Pub: Sept. 27, Oct. 04, 11, 18, 2014
FICTITIOUS BUSINESS NAME STATEMENT FILE NO. 2014-265104
The following person(s) is (are) doing business as: COMPOSE CULTURE, 777 N. HAMILTON BLVD., POMONA, CA 91768. Full name of registrant(s) is (are) PATRICIA GALVEZ, 777 N. HAMILTON BLVD., POMONA, CA 91768. SALVADOR HERNANDEZ, 777 N. HAMILTON BLVD., POMONA, CA 91768. This Business is conducted by: A GENERAL PARTNERSHIP. Signed: PATRICIA GALVEZ. This statement was filed with the County Clerk of Los Angeles County on 09/19/2014. The registrant(s) has (have) commenced to transact business under the fictitious business name or names listed above on N/A. NOTICE: This Fictitious Name Statement expires five years from the date it was filed in the office of the County Clerk. A new Fictitious Business Name Statement must be filed prior to that date. Publish: Mountain Views News Dates Pub: Sept. 27, Oct. 04, 11, 18, 2014
FICTITIOUS BUSINESS NAME STATEMENT FILE NO. 2014-270844
The following person(s) is (are) doing business as: CONCIERGE WEB DEVELOPMENT, 136 S. VALENCIA ST., GLENDORA, CA 91741. Full name of registrant(s) is (are) ROBERT ALONSO, 136 S. VALENCIA ST., GLENDORA, CA 91741. This Business is conducted by: AN INDIVIDUAL. Signed: ROBERT ALONSO. This statement was filed with the County Clerk of Los Angeles County on 09/24/2014. The registrant(s) has (have) commenced to transact business under the fictitious business name or names listed above on N/A. NOTICE: This Fictitious Name Statement expires five years from the date it was filed in the office of the County Clerk. Publish: Mountain Views News Dates Pub: Sept. 27, Oct. 04, 11, 18, 2014
FICTITIOUS BUSINESS NAME STATEMENT FILE NO. 2014-271979
The following person(s) is (are) doing business as: CUILSORCELL, 171 E. HOLT AVE., POMONA, CA 91767. Full name of registrant(s) is (are) AGUSTIN JENKINS, 2343 E. GARVEY AVE. #28, WEST COVINA, CA 91791. CRUZ ALICIA ROSEMEAD BLVD. #10, PICO RIVERA, CA 90660. This Business is conducted by: A GENERAL PARTNERSHIP. Signed: AGUSTIN JENKINS. This statement was filed with the County Clerk of Los Angeles County on 09/25/2014. Publish: Mountain Views News Dates Pub: Sept. 27, Oct. 04, 11, 18, 2014
FICTITIOUS BUSINESS NAME STATEMENT FILE NO. 2014-264871
The following person(s) is (are) doing business as: DEE'S JEWELRY, 6632 MISSOURI AVE., WHITTIER, CA 90601. Full name of registrant(s) is (are) CARLOS VALENCIA, 6632 MISSOURI AVE., WHITTIER, CA 90601. This Business is conducted by: AN INDIVIDUAL. Signed: CARLOS VALENCIA. This statement was filed with the County Clerk of Los Angeles County on 09/19/2014. The registrant(s) has (have) commenced to transact business under the fictitious business name or names listed above on N/A. Publish: Mountain Views News Dates Pub: Sept. 27, Oct. 04, 11, 18, 2014
FICTITIOUS BUSINESS NAME STATEMENT FILE NO. 2014-255232
The following person(s) is (are) doing business as: DIGITAL PROPRIETY DIGITAL PROPRIETY GROUP, 6964 N. GRAND AVE., COVINA, CA 91724. Full name of registrant(s) is (are) CHARLES HOGARTY, 6964 N. GRAND AVE., COVINA, CA 91724. This Business is conducted by: AN INDIVIDUAL. Signed: CHARLES HOGARTY. This statement was filed with the County Clerk of Los Angeles County on 09/10/2014. Publish: Mountain Views News Dates Pub: Sept. 27, Oct. 04, 11, 18, 2014
FICTITIOUS BUSINESS NAME STATEMENT FILE NO. 2014-271794
The following person(s) is (are) doing business as: EXCLUSIVE CO., 6100 WOODLAWN AVE., MAYWOOD, CA 90270. Full name of registrant(s) is (are) MARCO GOMEZ, 6100 WOODLAWN AVE., MAYWOOD, CA 90270. This Business is conducted by: AN INDIVIDUAL. Signed: MARCO GOMEZ. This statement was filed with the County Clerk of Los Angeles County on 09/25/2014. Publish: Mountain Views News Dates Pub: Sept. 27, Oct. 04, 11, 18, 2014
FICTITIOUS BUSINESS NAME STATEMENT FILE NO. 2014-272712
The following person(s) is (are) doing business as: FAST F PIZZA, 4540 LA RICA BLVD. STE #D, BALDWIN PARK, CA 91706. Full name of registrant(s) is (are) LC & RS, INC., 30290 FRONTERA DEL NORTE, HIGHLAND, CA 92346. This Business is conducted by: A CORPORATION. Signed: CLAUDIA ARDELEAN. This statement was filed with the County Clerk of Los Angeles County on 09/25/2014. Publish: Mountain Views News Dates Pub: Sept. 27, Oct. 04, 11, 18, 2014
FICTITIOUS BUSINESS NAME STATEMENT FILE NO. 2014-266582
The following person(s) is (are) doing business as: FIRE & ICE, 1440 S. DIAMOND BAR BLVD. STE 412, DIAMOND BAR, CA 91765. Full name of registrant(s) is (are) GARRETT BLAKE KEPLER, 1440 S. DIAMOND BAR BLVD. STE 412, DIAMOND BAR, CA 91765. This Business is conducted by: AN INDIVIDUAL. Signed: GARRETT BLAKE KEPLER. Publish: Mountain Views News Dates Pub: Sept. 27, Oct. 04, 11, 18, 2014
FICTITIOUS BUSINESS NAME STATEMENT FILE NO. 2014-272963
The following person(s) is (are) doing business as: GRAND AVENUE INVESTMENT, 1111 S. GRAND AVE, DIAMOND BAR, CA 91765. Full name of registrant(s) is (are) JAYANT J. BHATT, 1111 S. GRAND AVE., DIAMOND BAR, CA 91765. This Business is conducted by: AN INDIVIDUAL. Signed: JAYANT J. BHATT.
Mountain Views-News 80 W Sierra Madre Blvd. No. 327 Sierra Madre, Ca. 91024 Office: 626.355.2737 Fax: 626.609.3285 Email: editor@mtnviewsnews.com Website: www.mtnviewsnews.com
